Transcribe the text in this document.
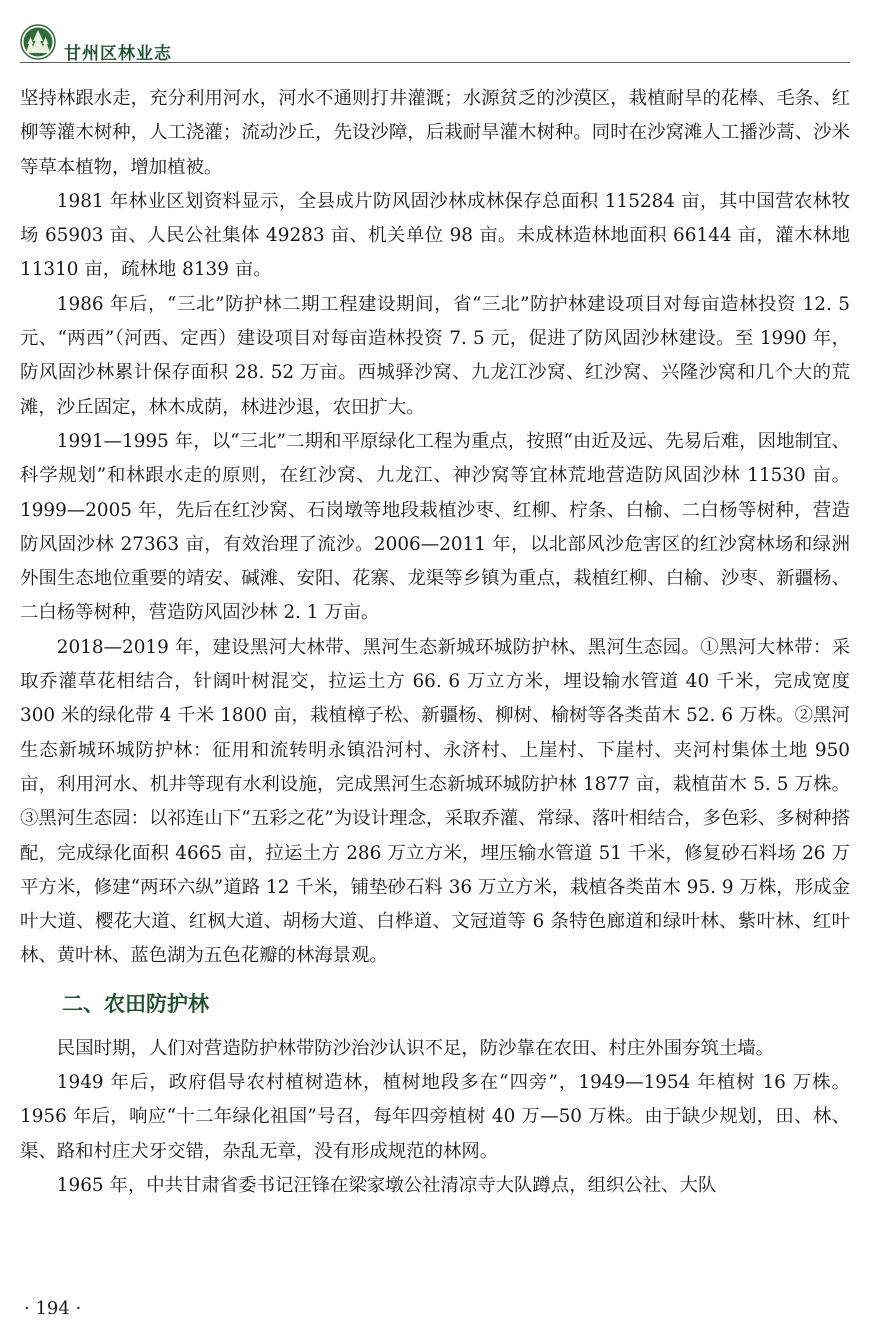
甘州区林业志

坚持林跟水走，充分利用河水，河水不通则打井灌溉；水源贫乏的沙漠区，栽植耐旱的花棒、毛条、红柳等灌木树种，人工浇灌；流动沙丘，先设沙障，后栽耐旱灌木树种。同时在沙窝滩人工播沙蒿、沙米等草本植物，增加植被。

1981 年林业区划资料显示，全县成片防风固沙林成林保存总面积 115284 亩，其中国营农林牧场 65903 亩、人民公社集体 49283 亩、机关单位 98 亩。未成林造林地面积 66144 亩，灌木林地 11310 亩，疏林地 8139 亩。

1986 年后，“三北”防护林二期工程建设期间，省“三北”防护林建设项目对每亩造林投资 12. 5 元、“两西”（河西、定西）建设项目对每亩造林投资 7. 5 元，促进了防风固沙林建设。至 1990 年，防风固沙林累计保存面积 28. 52 万亩。西城驿沙窝、九龙江沙窝、红沙窝、兴隆沙窝和几个大的荒滩，沙丘固定，林木成荫，林进沙退，农田扩大。

1991—1995 年，以“三北”二期和平原绿化工程为重点，按照“由近及远、先易后难，因地制宜、科学规划”和林跟水走的原则，在红沙窝、九龙江、神沙窝等宜林荒地营造防风固沙林 11530 亩。1999—2005 年，先后在红沙窝、石岗墩等地段栽植沙枣、红柳、柠条、白榆、二白杨等树种，营造防风固沙林 27363 亩，有效治理了流沙。2006—2011 年，以北部风沙危害区的红沙窝林场和绿洲外围生态地位重要的靖安、碱滩、安阳、花寨、龙渠等乡镇为重点，栽植红柳、白榆、沙枣、新疆杨、二白杨等树种，营造防风固沙林 2. 1 万亩。

2018—2019 年，建设黑河大林带、黑河生态新城环城防护林、黑河生态园。①黑河大林带：采取乔灌草花相结合，针阔叶树混交，拉运土方 66. 6 万立方米，埋设输水管道 40 千米，完成宽度 300 米的绿化带 4 千米 1800 亩，栽植樟子松、新疆杨、柳树、榆树等各类苗木 52. 6 万株。②黑河生态新城环城防护林：征用和流转明永镇沿河村、永济村、上崖村、下崖村、夹河村集体土地 950 亩，利用河水、机井等现有水利设施，完成黑河生态新城环城防护林 1877 亩，栽植苗木 5. 5 万株。③黑河生态园：以祁连山下“五彩之花”为设计理念，采取乔灌、常绿、落叶相结合，多色彩、多树种搭配，完成绿化面积 4665 亩，拉运土方 286 万立方米，埋压输水管道 51 千米，修复砂石料场 26 万平方米，修建“两环六纵”道路 12 千米，铺垫砂石料 36 万立方米，栽植各类苗木 95. 9 万株，形成金叶大道、樱花大道、红枫大道、胡杨大道、白桦道、文冠道等 6 条特色廊道和绿叶林、紫叶林、红叶林、黄叶林、蓝色湖为五色花瓣的林海景观。

二、农田防护林

民国时期，人们对营造防护林带防沙治沙认识不足，防沙靠在农田、村庄外围夯筑土墙。

1949 年后，政府倡导农村植树造林，植树地段多在“四旁”，1949—1954 年植树 16 万株。1956 年后，响应“十二年绿化祖国”号召，每年四旁植树 40 万—50 万株。由于缺少规划，田、林、渠、路和村庄犬牙交错，杂乱无章，没有形成规范的林网。

1965 年，中共甘肃省委书记汪锋在梁家墩公社清凉寺大队蹲点，组织公社、大队

· 194 ·
